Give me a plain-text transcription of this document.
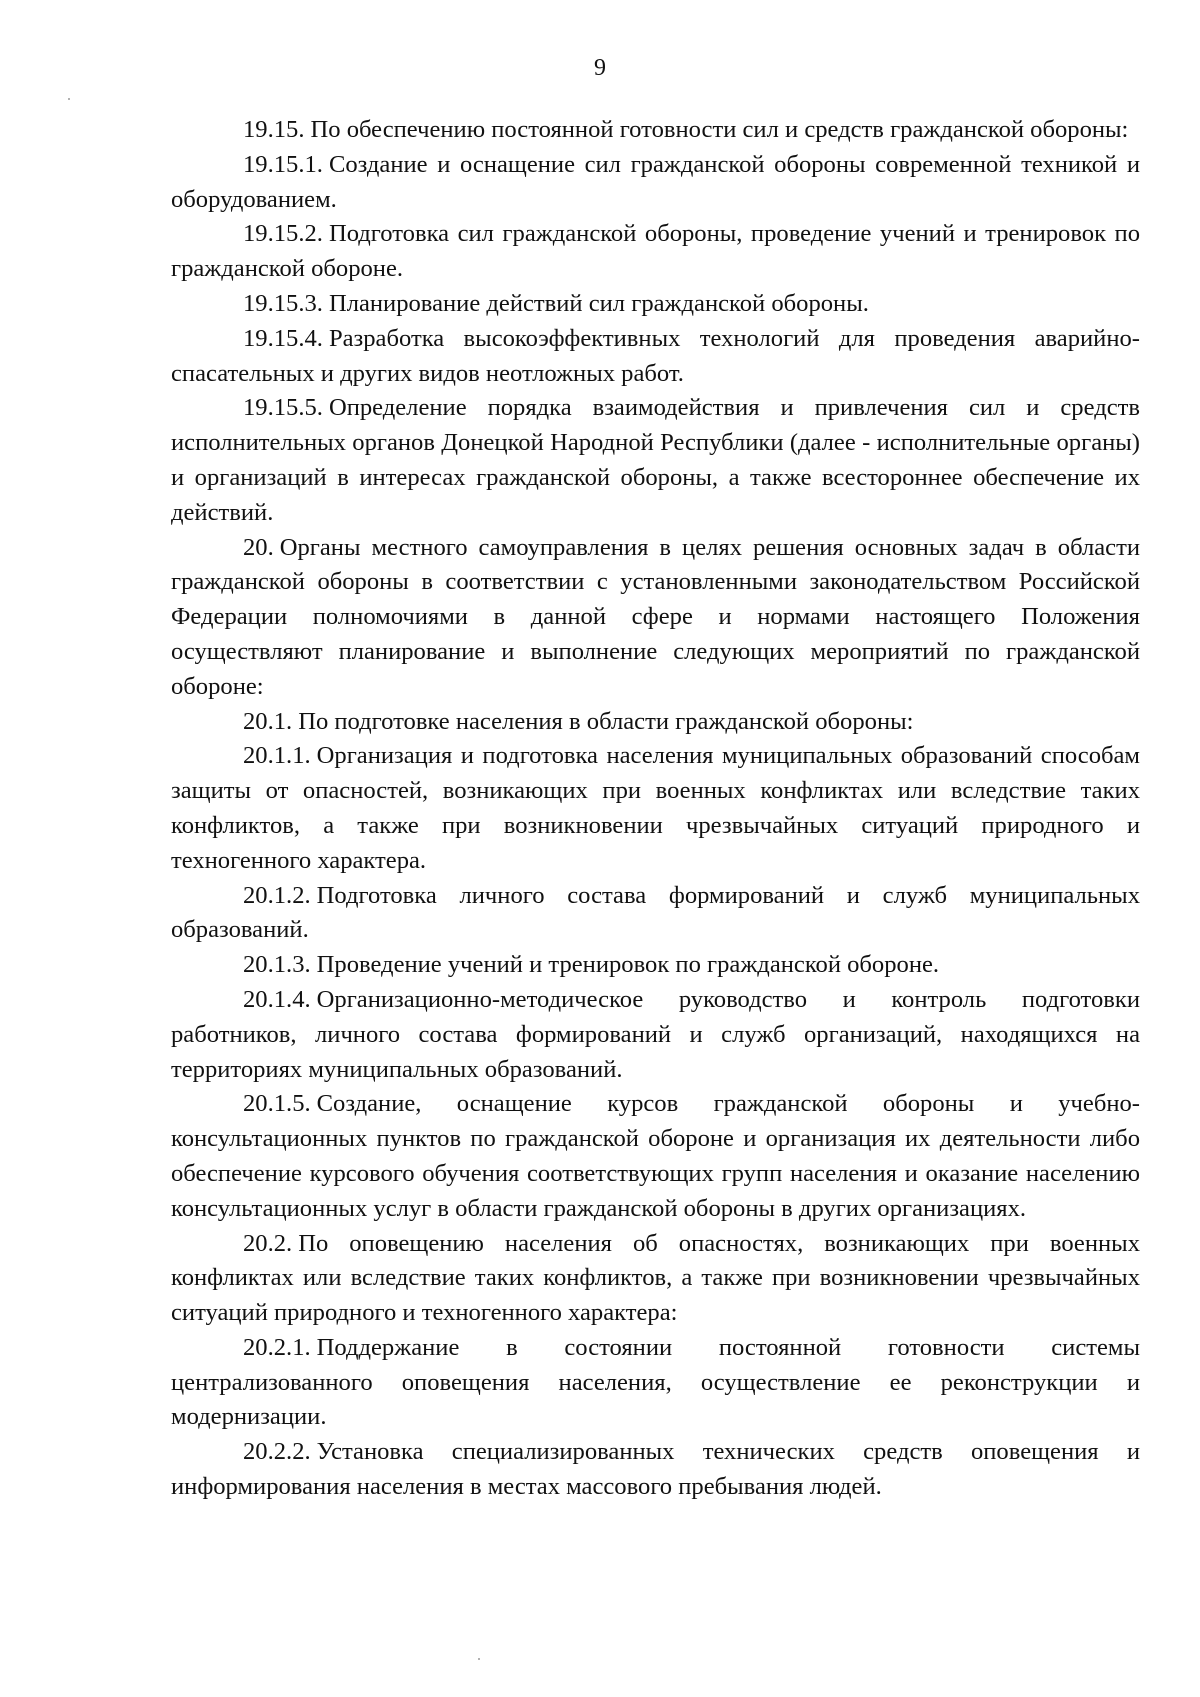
9

19.15. По обеспечению постоянной готовности сил и средств гражданской обороны:

19.15.1. Создание и оснащение сил гражданской обороны современной техникой и оборудованием.

19.15.2. Подготовка сил гражданской обороны, проведение учений и тренировок по гражданской обороне.

19.15.3. Планирование действий сил гражданской обороны.

19.15.4. Разработка высокоэффективных технологий для проведения аварийно-спасательных и других видов неотложных работ.

19.15.5. Определение порядка взаимодействия и привлечения сил и средств исполнительных органов Донецкой Народной Республики (далее - исполнительные органы) и организаций в интересах гражданской обороны, а также всестороннее обеспечение их действий.

20. Органы местного самоуправления в целях решения основных задач в области гражданской обороны в соответствии с установленными законодательством Российской Федерации полномочиями в данной сфере и нормами настоящего Положения осуществляют планирование и выполнение следующих мероприятий по гражданской обороне:

20.1. По подготовке населения в области гражданской обороны:

20.1.1. Организация и подготовка населения муниципальных образований способам защиты от опасностей, возникающих при военных конфликтах или вследствие таких конфликтов, а также при возникновении чрезвычайных ситуаций природного и техногенного характера.

20.1.2. Подготовка личного состава формирований и служб муниципальных образований.

20.1.3. Проведение учений и тренировок по гражданской обороне.

20.1.4. Организационно-методическое руководство и контроль подготовки работников, личного состава формирований и служб организаций, находящихся на территориях муниципальных образований.

20.1.5. Создание, оснащение курсов гражданской обороны и учебно-консультационных пунктов по гражданской обороне и организация их деятельности либо обеспечение курсового обучения соответствующих групп населения и оказание населению консультационных услуг в области гражданской обороны в других организациях.

20.2. По оповещению населения об опасностях, возникающих при военных конфликтах или вследствие таких конфликтов, а также при возникновении чрезвычайных ситуаций природного и техногенного характера:

20.2.1. Поддержание в состоянии постоянной готовности системы централизованного оповещения населения, осуществление ее реконструкции и модернизации.

20.2.2. Установка специализированных технических средств оповещения и информирования населения в местах массового пребывания людей.
